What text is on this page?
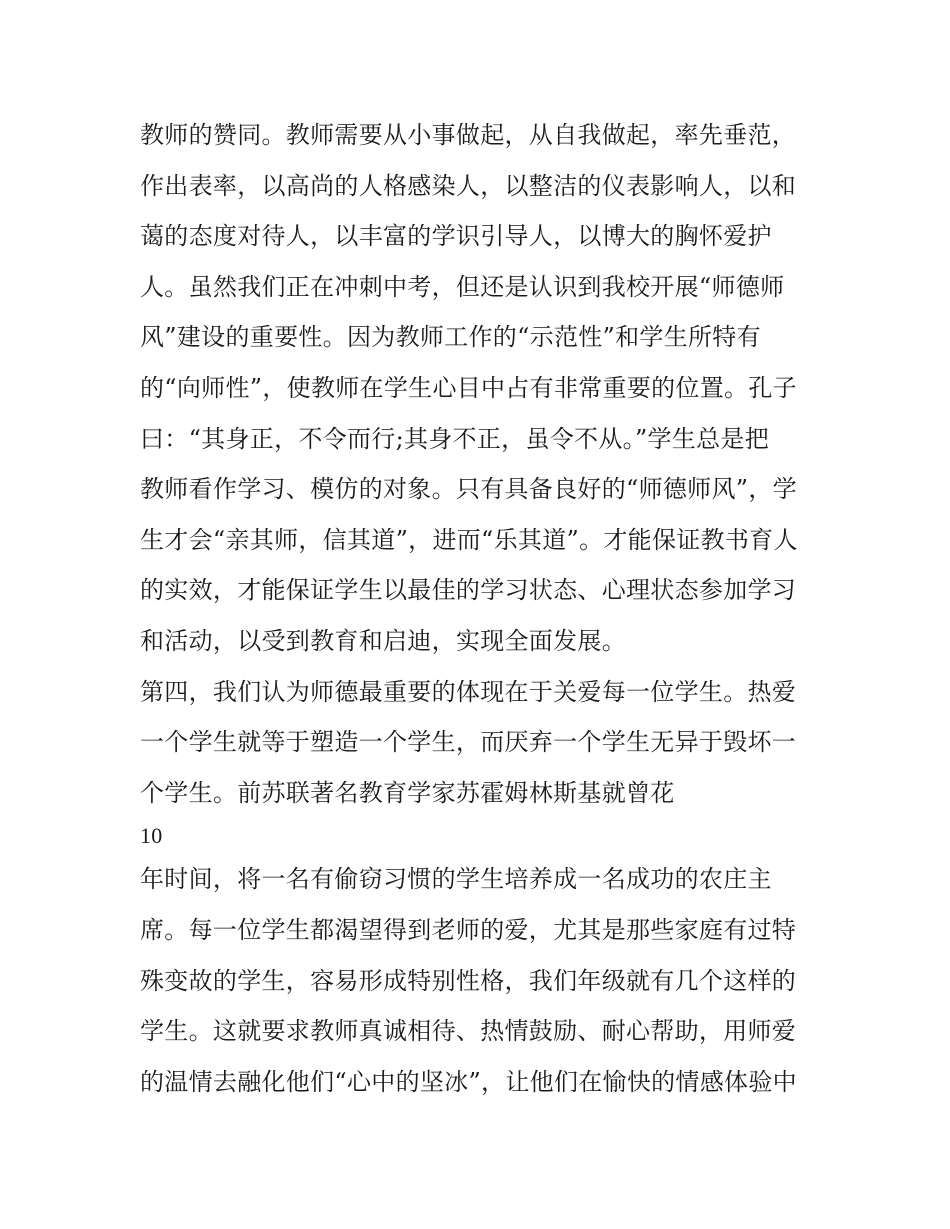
教师的赞同。教师需要从小事做起，从自我做起，率先垂范，
作出表率，以高尚的人格感染人，以整洁的仪表影响人，以和
蔼的态度对待人，以丰富的学识引导人，以博大的胸怀爱护
人。虽然我们正在冲刺中考，但还是认识到我校开展“师德师
风”建设的重要性。因为教师工作的“示范性”和学生所特有
的“向师性”，使教师在学生心目中占有非常重要的位置。孔子
曰：“其身正，不令而行;其身不正，虽令不从。”学生总是把
教师看作学习、模仿的对象。只有具备良好的“师德师风”，学
生才会“亲其师，信其道”，进而“乐其道”。才能保证教书育人
的实效，才能保证学生以最佳的学习状态、心理状态参加学习
和活动，以受到教育和启迪，实现全面发展。
第四，我们认为师德最重要的体现在于关爱每一位学生。热爱
一个学生就等于塑造一个学生，而厌弃一个学生无异于毁坏一
个学生。前苏联著名教育学家苏霍姆林斯基就曾花
10
年时间，将一名有偷窃习惯的学生培养成一名成功的农庄主
席。每一位学生都渴望得到老师的爱，尤其是那些家庭有过特
殊变故的学生，容易形成特别性格，我们年级就有几个这样的
学生。这就要求教师真诚相待、热情鼓励、耐心帮助，用师爱
的温情去融化他们“心中的坚冰”，让他们在愉快的情感体验中
